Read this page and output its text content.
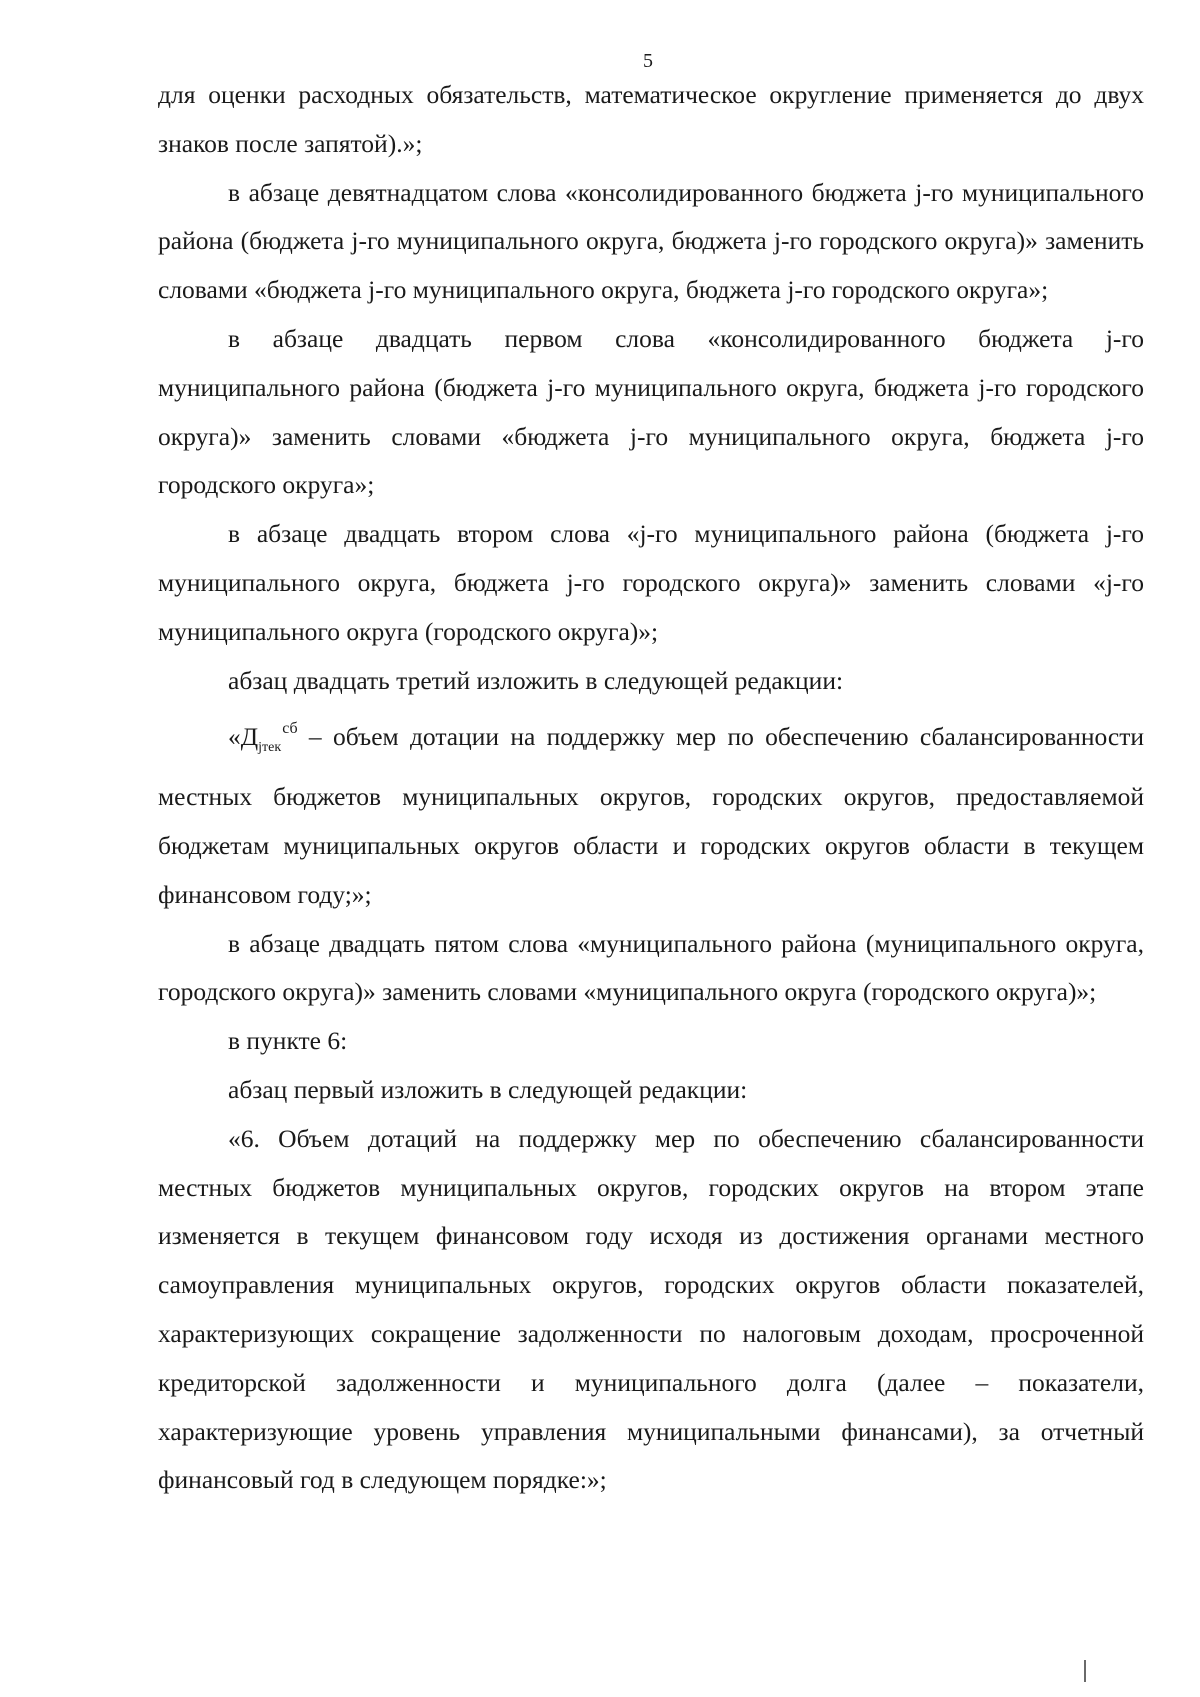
5

для оценки расходных обязательств, математическое округление применяется до двух знаков после запятой).»;

в абзаце девятнадцатом слова «консолидированного бюджета j-го муниципального района (бюджета j-го муниципального округа, бюджета j-го городского округа)» заменить словами «бюджета j-го муниципального округа, бюджета j-го городского округа»;

в абзаце двадцать первом слова «консолидированного бюджета j-го муниципального района (бюджета j-го муниципального округа, бюджета j-го городского округа)» заменить словами «бюджета j-го муниципального округа, бюджета j-го городского округа»;

в абзаце двадцать втором слова «j-го муниципального района (бюджета j-го муниципального округа, бюджета j-го городского округа)» заменить словами «j-го муниципального округа (городского округа)»;

абзац двадцать третий изложить в следующей редакции:

«$Д_{jтек}^{сб}$ – объем дотации на поддержку мер по обеспечению сбалансированности местных бюджетов муниципальных округов, городских округов, предоставляемой бюджетам муниципальных округов области и городских округов области в текущем финансовом году;»;

в абзаце двадцать пятом слова «муниципального района (муниципального округа, городского округа)» заменить словами «муниципального округа (городского округа)»;

в пункте 6:

абзац первый изложить в следующей редакции:

«6. Объем дотаций на поддержку мер по обеспечению сбалансированности местных бюджетов муниципальных округов, городских округов на втором этапе изменяется в текущем финансовом году исходя из достижения органами местного самоуправления муниципальных округов, городских округов области показателей, характеризующих сокращение задолженности по налоговым доходам, просроченной кредиторской задолженности и муниципального долга (далее – показатели, характеризующие уровень управления муниципальными финансами), за отчетный финансовый год в следующем порядке:»;
